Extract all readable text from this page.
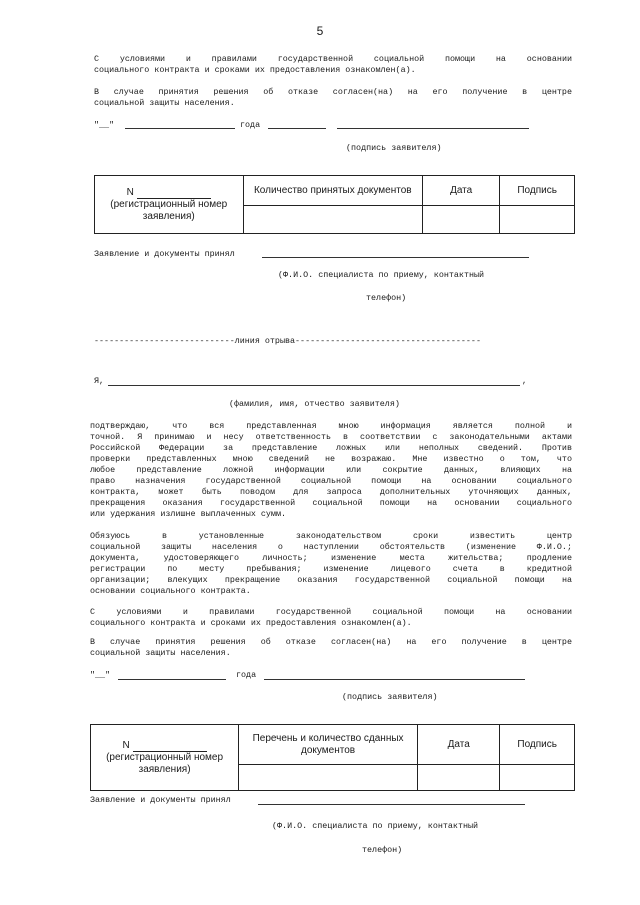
5
С условиями и правилами государственной социальной помощи на основании
социального контракта и сроками их предоставления ознакомлен(а).
В случае принятия решения об отказе согласен(на) на его получение в центре
социальной защиты населения.
"__"	года
(подпись заявителя)
N
(регистрационный номер заявления)	Количество принятых документов	Дата	Подпись

Заявление и документы принял
(Ф.И.О. специалиста по приему, контактный
телефон)
----------------------------линия отрыва-------------------------------------
Я,	,
(фамилия, имя, отчество заявителя)
подтверждаю, что вся представленная мною информация является полной и
точной. Я принимаю и несу ответственность в соответствии с законодательными актами
Российской Федерации за представление ложных или неполных сведений. Против
проверки представленных мною сведений не возражаю. Мне известно о том, что
любое представление ложной информации или сокрытие данных, влияющих на
право назначения государственной социальной помощи на основании социального
контракта, может быть поводом для запроса дополнительных уточняющих данных,
прекращения оказания государственной социальной помощи на основании социального
или удержания излишне выплаченных сумм.
Обязуюсь в установленные законодательством сроки известить центр
социальной защиты населения о наступлении обстоятельств (изменение Ф.И.О.;
документа, удостоверяющего личность; изменение места жительства; продление
регистрации по месту пребывания; изменение лицевого счета в кредитной
организации; влекущих прекращение оказания государственной социальной помощи на
основании социального контракта.
С условиями и правилами государственной социальной помощи на основании
социального контракта и сроками их предоставления ознакомлен(а).
В случае принятия решения об отказе согласен(на) на его получение в центре
социальной защиты населения.
"__"	года
(подпись заявителя)
N
(регистрационный номер заявления)	Перечень и количество сданных документов	Дата	Подпись

Заявление и документы принял
(Ф.И.О. специалиста по приему, контактный
телефон)
